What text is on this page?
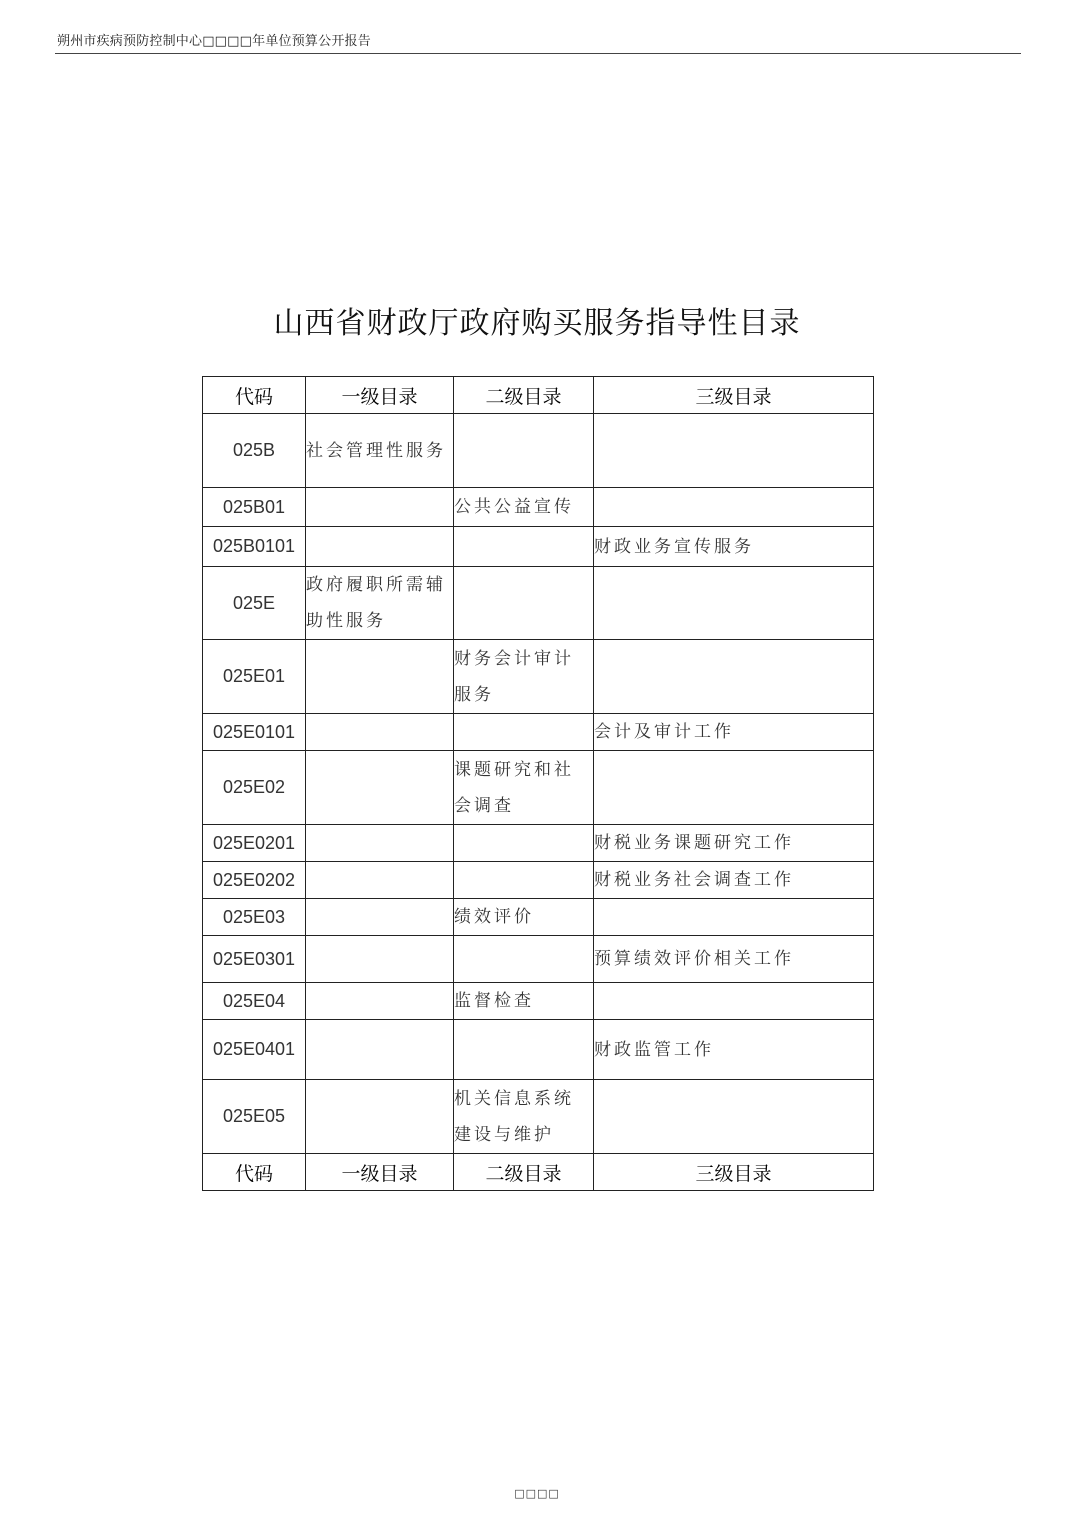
朔州市疾病预防控制中心□□□□年单位预算公开报告
山西省财政厅政府购买服务指导性目录
代码	一级目录	二级目录	三级目录
025B	社会管理性服务		
025B01		公共公益宣传	
025B0101			财政业务宣传服务
025E	政府履职所需辅助性服务		
025E01		财务会计审计服务	
025E0101			会计及审计工作
025E02		课题研究和社会调查	
025E0201			财税业务课题研究工作
025E0202			财税业务社会调查工作
025E03		绩效评价	
025E0301			预算绩效评价相关工作
025E04		监督检查	
025E0401			财政监管工作
025E05		机关信息系统建设与维护	
代码	一级目录	二级目录	三级目录
□□□□
